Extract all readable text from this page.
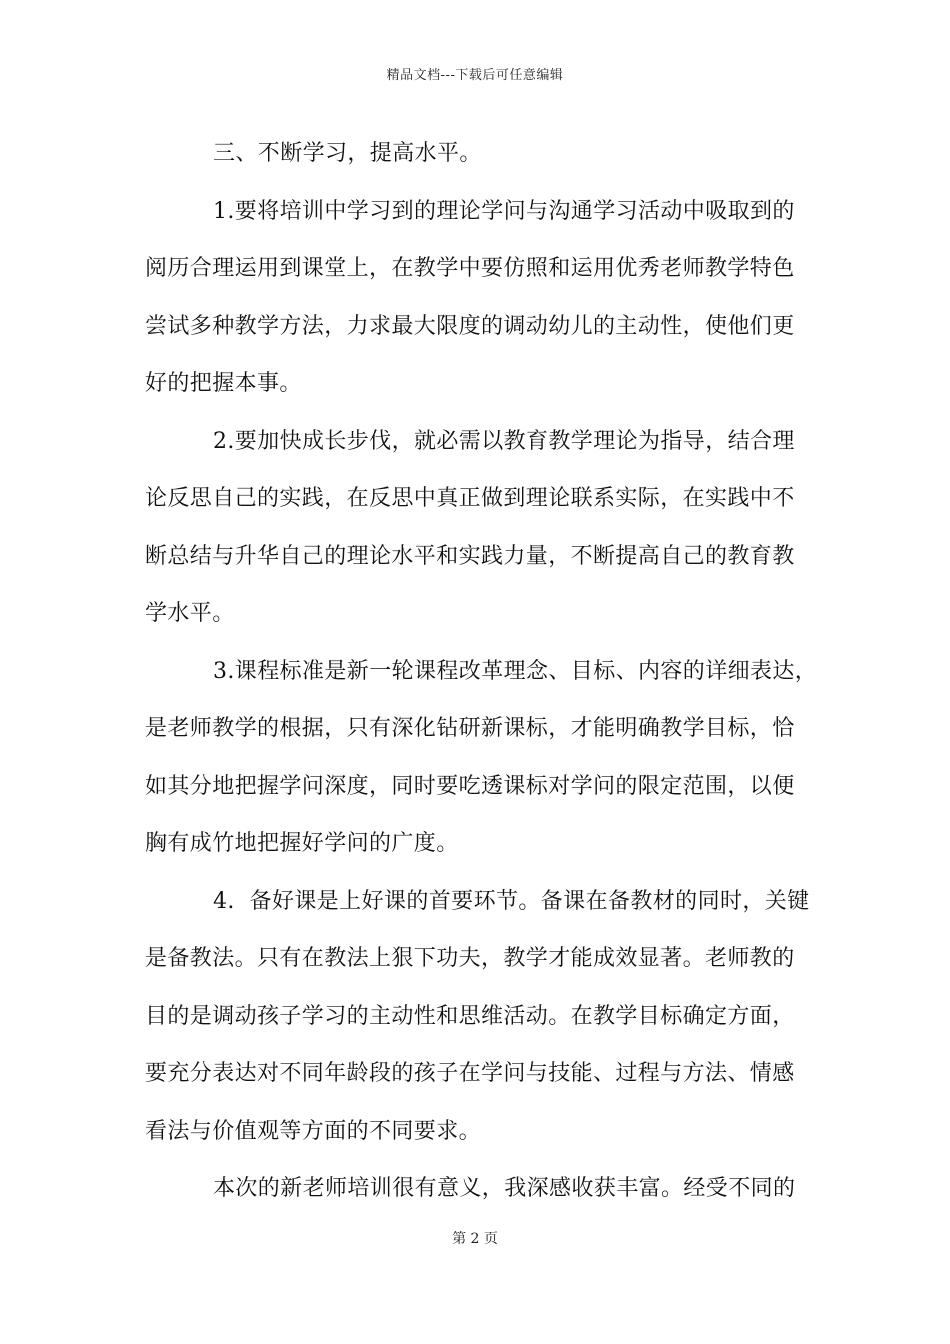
精品文档---下载后可任意编辑
三、不断学习，提高水平。
1.要将培训中学习到的理论学问与沟通学习活动中吸取到的
阅历合理运用到课堂上，在教学中要仿照和运用优秀老师教学特色
尝试多种教学方法，力求最大限度的调动幼儿的主动性，使他们更
好的把握本事。
2.要加快成长步伐，就必需以教育教学理论为指导，结合理
论反思自己的实践，在反思中真正做到理论联系实际，在实践中不
断总结与升华自己的理论水平和实践力量，不断提高自己的教育教
学水平。
3.课程标准是新一轮课程改革理念、目标、内容的详细表达，
是老师教学的根据，只有深化钻研新课标，才能明确教学目标，恰
如其分地把握学问深度，同时要吃透课标对学问的限定范围，以便
胸有成竹地把握好学问的广度。
4.  备好课是上好课的首要环节。备课在备教材的同时，关键
是备教法。只有在教法上狠下功夫，教学才能成效显著。老师教的
目的是调动孩子学习的主动性和思维活动。在教学目标确定方面，
要充分表达对不同年龄段的孩子在学问与技能、过程与方法、情感
看法与价值观等方面的不同要求。
本次的新老师培训很有意义，我深感收获丰富。经受不同的
第 2 页
